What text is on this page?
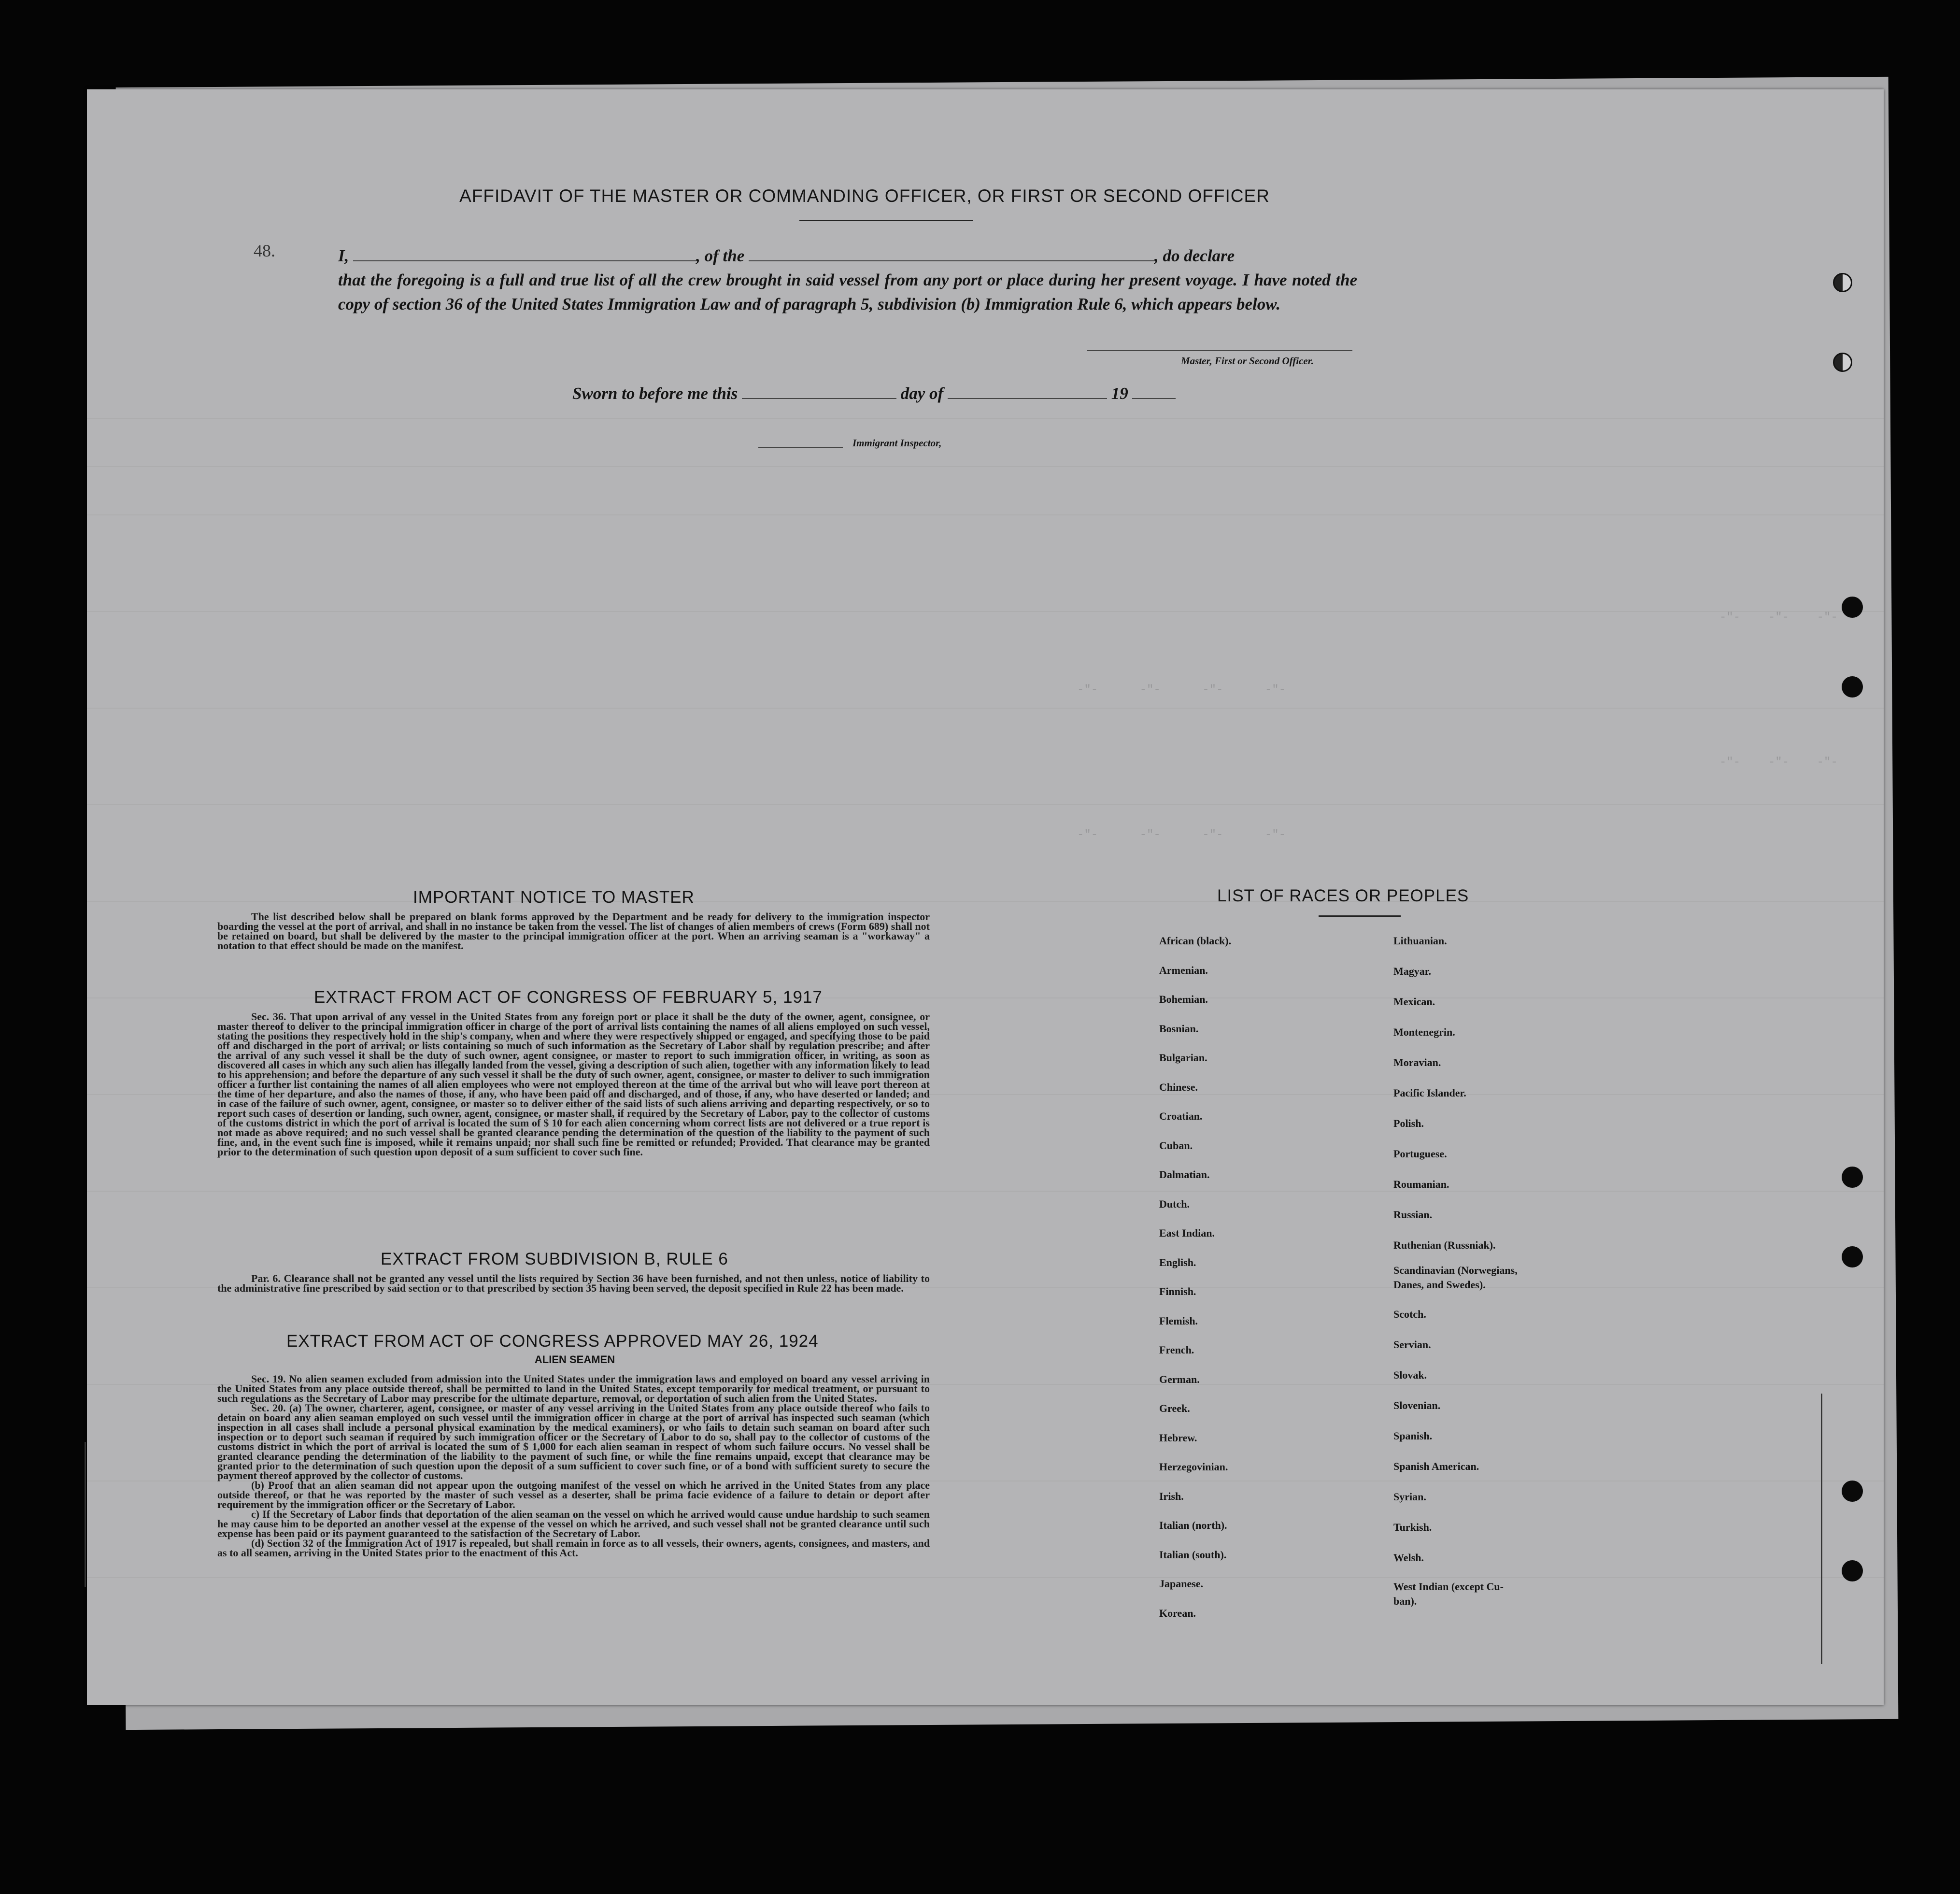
-"-    -"-    -"-
-"-    -"-    -"-
-"-      -"-      -"-      -"-
-"-      -"-      -"-      -"-
AFFIDAVIT OF THE MASTER OR COMMANDING OFFICER, OR FIRST OR SECOND OFFICER
48.	I,	, of the	, do declare
that the foregoing is a full and true list of all the crew brought in said vessel from any port or place during her present voyage. I have noted the copy of section 36 of the United States Immigration Law and of paragraph 5, subdivision (b) Immigration Rule 6, which appears below.
Master, First or Second Officer.
Sworn to before me this	day of	19
Immigrant Inspector,
IMPORTANT NOTICE TO MASTER

The list described below shall be prepared on blank forms approved by the Department and be ready for delivery to the immigration inspector boarding the vessel at the port of arrival, and shall in no instance be taken from the vessel. The list of changes of alien members of crews (Form 689) shall not be retained on board, but shall be delivered by the master to the principal immigration officer at the port. When an arriving seaman is a "workaway" a notation to that effect should be made on the manifest.

EXTRACT FROM ACT OF CONGRESS OF FEBRUARY 5, 1917

Sec. 36. That upon arrival of any vessel in the United States from any foreign port or place it shall be the duty of the owner, agent, consignee, or master thereof to deliver to the principal immigration officer in charge of the port of arrival lists containing the names of all aliens employed on such vessel, stating the positions they respectively hold in the ship's company, when and where they were respectively shipped or engaged, and specifying those to be paid off and discharged in the port of arrival; or lists containing so much of such information as the Secretary of Labor shall by regulation prescribe; and after the arrival of any such vessel it shall be the duty of such owner, agent consignee, or master to report to such immigration officer, in writing, as soon as discovered all cases in which any such alien has illegally landed from the vessel, giving a description of such alien, together with any information likely to lead to his apprehension; and before the departure of any such vessel it shall be the duty of such owner, agent, consignee, or master to deliver to such immigration officer a further list containing the names of all alien employees who were not employed thereon at the time of the arrival but who will leave port thereon at the time of her departure, and also the names of those, if any, who have been paid off and discharged, and of those, if any, who have deserted or landed; and in case of the failure of such owner, agent, consignee, or master so to deliver either of the said lists of such aliens arriving and departing respectively, or so to report such cases of desertion or landing, such owner, agent, consignee, or master shall, if required by the Secretary of Labor, pay to the collector of customs of the customs district in which the port of arrival is located the sum of $ 10 for each alien concerning whom correct lists are not delivered or a true report is not made as above required; and no such vessel shall be granted clearance pending the determination of the question of the liability to the payment of such fine, and, in the event such fine is imposed, while it remains unpaid; nor shall such fine be remitted or refunded; Provided. That clearance may be granted prior to the determination of such question upon deposit of a sum sufficient to cover such fine.

EXTRACT FROM SUBDIVISION B, RULE 6

Par. 6. Clearance shall not be granted any vessel until the lists required by Section 36 have been furnished, and not then unless, notice of liability to the administrative fine prescribed by said section or to that prescribed by section 35 having been served, the deposit specified in Rule 22 has been made.

EXTRACT FROM ACT OF CONGRESS APPROVED MAY 26, 1924
ALIEN SEAMEN

Sec. 19. No alien seamen excluded from admission into the United States under the immigration laws and employed on board any vessel arriving in the United States from any place outside thereof, shall be permitted to land in the United States, except temporarily for medical treatment, or pursuant to such regulations as the Secretary of Labor may prescribe for the ultimate departure, removal, or deportation of such alien from the United States.

Sec. 20. (a) The owner, charterer, agent, consignee, or master of any vessel arriving in the United States from any place outside thereof who fails to detain on board any alien seaman employed on such vessel until the immigration officer in charge at the port of arrival has inspected such seaman (which inspection in all cases shall include a personal physical examination by the medical examiners), or who fails to detain such seaman on board after such inspection or to deport such seaman if required by such immigration officer or the Secretary of Labor to do so, shall pay to the collector of customs of the customs district in which the port of arrival is located the sum of $ 1,000 for each alien seaman in respect of whom such failure occurs. No vessel shall be granted clearance pending the determination of the liability to the payment of such fine, or while the fine remains unpaid, except that clearance may be granted prior to the determination of such question upon the deposit of a sum sufficient to cover such fine, or of a bond with sufficient surety to secure the payment thereof approved by the collector of customs.

(b) Proof that an alien seaman did not appear upon the outgoing manifest of the vessel on which he arrived in the United States from any place outside thereof, or that he was reported by the master of such vessel as a deserter, shall be prima facie evidence of a failure to detain or deport after requirement by the immigration officer or the Secretary of Labor.

c) If the Secretary of Labor finds that deportation of the alien seaman on the vessel on which he arrived would cause undue hardship to such seamen he may cause him to be deported an another vessel at the expense of the vessel on which he arrived, and such vessel shall not be granted clearance until such expense has been paid or its payment guaranteed to the satisfaction of the Secretary of Labor.

(d) Section 32 of the Immigration Act of 1917 is repealed, but shall remain in force as to all vessels, their owners, agents, consignees, and masters, and as to all seamen, arriving in the United States prior to the enactment of this Act.

LIST OF RACES OR PEOPLES
African (black).
Armenian.
Bohemian.
Bosnian.
Bulgarian.
Chinese.
Croatian.
Cuban.
Dalmatian.
Dutch.
East Indian.
English.
Finnish.
Flemish.
French.
German.
Greek.
Hebrew.
Herzegovinian.
Irish.
Italian (north).
Italian (south).
Japanese.
Korean.
Lithuanian.
Magyar.
Mexican.
Montenegrin.
Moravian.
Pacific Islander.
Polish.
Portuguese.
Roumanian.
Russian.
Ruthenian (Russniak).
Scandinavian (Norwegians,
Danes, and Swedes).
Scotch.
Servian.
Slovak.
Slovenian.
Spanish.
Spanish American.
Syrian.
Turkish.
Welsh.
West Indian (except Cu-
ban).
